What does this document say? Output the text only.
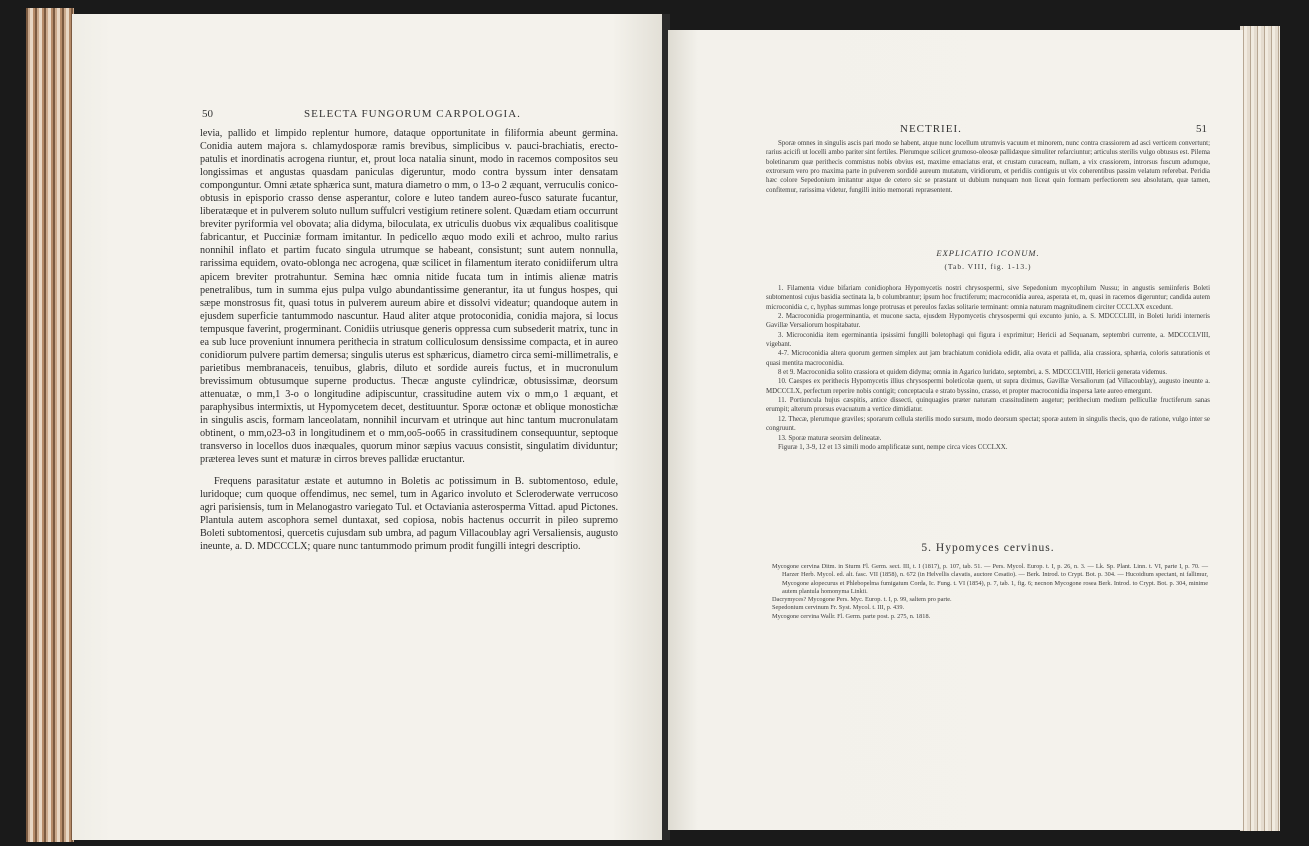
50	SELECTA FUNGORUM CARPOLOGIA.

levia, pallido et limpido replentur humore, dataque opportunitate in filiformia abeunt germina. Conidia autem majora s. chlamydosporæ ramis brevibus, simplicibus v. pauci-brachiatis, erecto-patulis et inordinatis acrogena riuntur, et, prout loca natalia sinunt, modo in racemos compositos seu longissimas et angustas quasdam paniculas digeruntur, modo contra byssum inter densatam componguntur. Omni ætate sphærica sunt, matura diametro o mm, o 13-o 2 æquant, verruculis conico-obtusis in episporio crasso dense asperantur, colore e luteo tandem aureo-fusco saturate fucantur, liberatæque et in pulverem soluto nullum suffulcri vestigium retinere solent. Quædam etiam occurrunt breviter pyriformia vel obovata; alia didyma, biloculata, ex utriculis duobus vix æqualibus coalitisque fabricantur, et Pucciniæ formam imitantur. In pedicello æquo modo exili et achroo, multo rarius nonnihil inflato et partim fucato singula utrumque se habeant, consistunt; sunt autem nonnulla, rarissima equidem, ovato-oblonga nec acrogena, quæ scilicet in filamentum iterato conidiiferum ultra apicem breviter protrahuntur. Semina hæc omnia nitide fucata tum in intimis alienæ matris penetralibus, tum in summa ejus pulpa vulgo abundantissime generantur, ita ut fungus hospes, qui sæpe monstrosus fit, quasi totus in pulverem aureum abire et dissolvi videatur; quandoque autem in ejusdem superficie tantummodo nascuntur. Haud aliter atque protoconidia, conidia majora, si locus tempusque faverint, progerminant. Conidiis utriusque generis oppressa cum subsederit matrix, tunc in ea sub luce proveniunt innumera perithecia in stratum colliculosum densissime compacta, et in aureo conidiorum pulvere partim demersa; singulis uterus est sphæricus, diametro circa semi-millimetralis, e parietibus membranaceis, tenuibus, glabris, diluto et sordide aureis fuctus, et in mucronulum brevissimum obtusumque superne productus. Thecæ anguste cylindricæ, obtusissimæ, deorsum attenuatæ, o mm,1 3-o o longitudine adipiscuntur, crassitudine autem vix o mm,o 1 æquant, et paraphysibus intermixtis, ut Hypomycetem decet, destituuntur. Sporæ octonæ et oblique monostichæ in singulis ascis, formam lanceolatam, nonnihil incurvam et utrinque aut hinc tantum mucronulatam obtinent, o mm,o23-o3 in longitudinem et o mm,oo5-oo65 in crassitudinem consequuntur, septoque transverso in locellos duos inæquales, quorum minor sæpius vacuus consistit, singulatim dividuntur; præterea leves sunt et maturæ in cirros breves pallidæ eructantur.

Frequens parasitatur æstate et autumno in Boletis ac potissimum in B. subtomentoso, edule, luridoque; cum quoque offendimus, nec semel, tum in Agarico involuto et Scleroderwate verrucoso agri parisiensis, tum in Melanogastro variegato Tul. et Octaviania asterosperma Vittad. apud Pictones. Plantula autem ascophora semel duntaxat, sed copiosa, nobis hactenus occurrit in pileo supremo Boleti subtomentosi, quercetis cujusdam sub umbra, ad pagum Villacoublay agri Versaliensis, augusto ineunte, a. D. MDCCCLX; quare nunc tantummodo primum prodit fungilli integri descriptio.

NECTRIEI.	51

Sporæ omnes in singulis ascis pari modo se habent, atque nunc locellum utrumvis vacuum et minorem, nunc contra crassiorem ad asci verticem convertunt; rarius acicifi ut locelli ambo pariter sint fertiles. Plerumque scilicet grumoso-oleosæ pallidæque simuliter refarciuntur; articulus sterilis vulgo obtusus est. Pilema boletinarum quæ perithecis commistus nobis obvius est, maxime emaciatus erat, et crustam curaceam, nullam, a vix crassiorem, introrsus fuscum adumque, extrorsum vero pro maxima parte in pulverem sordidè aureum mutatum, viridiorum, et peridiis contiguis ut vix coherentibus passim velatum referebat. Peridia hæc colore Sepedonium imitantur atque de cetero sic se præstant ut dubium nunquam non liceat quin formam perfectiorem seu absolutam, quæ tamen, confitemur, rarissima videtur, fungilli initio memorati repræsentent.

EXPLICATIO ICONUM.
(Tab. VIII, fig. 1-13.)

1. Filamenta vidue bifariam conidiophora Hypomycetis nostri chrysospermi, sive Sepedonium mycophilum Nussu; in angustis semiinferis Boleti subtomentosi cujus basidia sectinata la, b columbrantur; ipsum hoc fructiferum; macroconidia aurea, asperata et, m, quasi in racemos digeruntur; candida autem microconidia c, c, hyphas summas longe protrusas et pereulos faxlas solitarie terminant: omnia naturam magnitudinem circiter CCCLXX excedunt.

2. Macroconidia progerminantia, et mucone sacta, ejusdem Hypomycetis chrysospermi qui excunto junio, a. S. MDCCCLIII, in Boleti luridi interneris Gavillæ Versaliorum hospitabatur.

3. Microconidia item egerminantia ipsissimi fungilli boletophagi qui figura i exprimitur; Hericii ad Sequanam, septembri currente, a. MDCCCLVIII, vigebant.

4-7. Microconidia altera quorum germen simplex aut jam brachiatum conidiola edidit, alia ovata et pallida, alia crassiora, sphæria, coloris saturationis et quasi mentita macroconidia.

8 et 9. Macroconidia solito crassiora et quidem didyma; omnia in Agarico luridato, septembri, a. S. MDCCCLVIII, Hericii generata videmus.

10. Caespes ex perithecis Hypomycetis illius chrysospermi boletícolæ quem, ut supra diximus, Gavillæ Versaliorum (ad Villacoublay), augusto ineunte a. MDCCCLX, perfectum reperire nobis contigit; conceptacula e strato byssino, crasso, et propter macroconidia inspersa læte aureo emergunt.

11. Portiuncula hujus cæspitis, antice dissecti, quinquagies præter naturam crassitudinem augetur; perithecium medium pellicullæ fructiferum sanas erumpit; alterum prorsus evacuatum a vertice dimidiatur.

12. Thecæ, plerumque graviles; sporarum cellula sterilis modo sursum, modo deorsum spectat; sporæ autem in singulis thecis, quo de ratione, vulgo inter se congruunt.

13. Sporæ maturæ seorsim delineatæ.

Figuræ 1, 3-9, 12 et 13 simili modo amplificatæ sunt, nempe circa vices CCCLXX.

5. Hypomyces cervinus.

Mycogone cervina Ditm. in Sturm Fl. Germ. sect. III, t. I (1817), p. 107, tab. 51. — Pers. Mycol. Europ. t. I, p. 26, n. 3. — Lk. Sp. Plant. Linn. t. VI, parte I, p. 70. — Harzer Herb. Mycol. ed. alt. fasc. VII (1858), n. 672 (in Helvellis clavatis, auctore Cesatio). — Berk. Introd. to Crypt. Bot. p. 304. — Hucoidium spectant, ni fallimur, Mycogone alopecurus et Phlebopelma fumigatum Corda, Ic. Fung. t. VI (1854), p. 7, tab. 1, fig. 6; necnon Mycogone rosea Berk. Introd. to Crypt. Bot. p. 304, minime autem plantula homonyma Linkii.

Dacrymyces? Mycogone Pers. Myc. Europ. t. I, p. 99, saltem pro parte.

Sepedonium cervinum Fr. Syst. Mycol. t. III, p. 439.

Mycogone cervina Wallr. Fl. Germ. parte post. p. 275, n. 1818.
